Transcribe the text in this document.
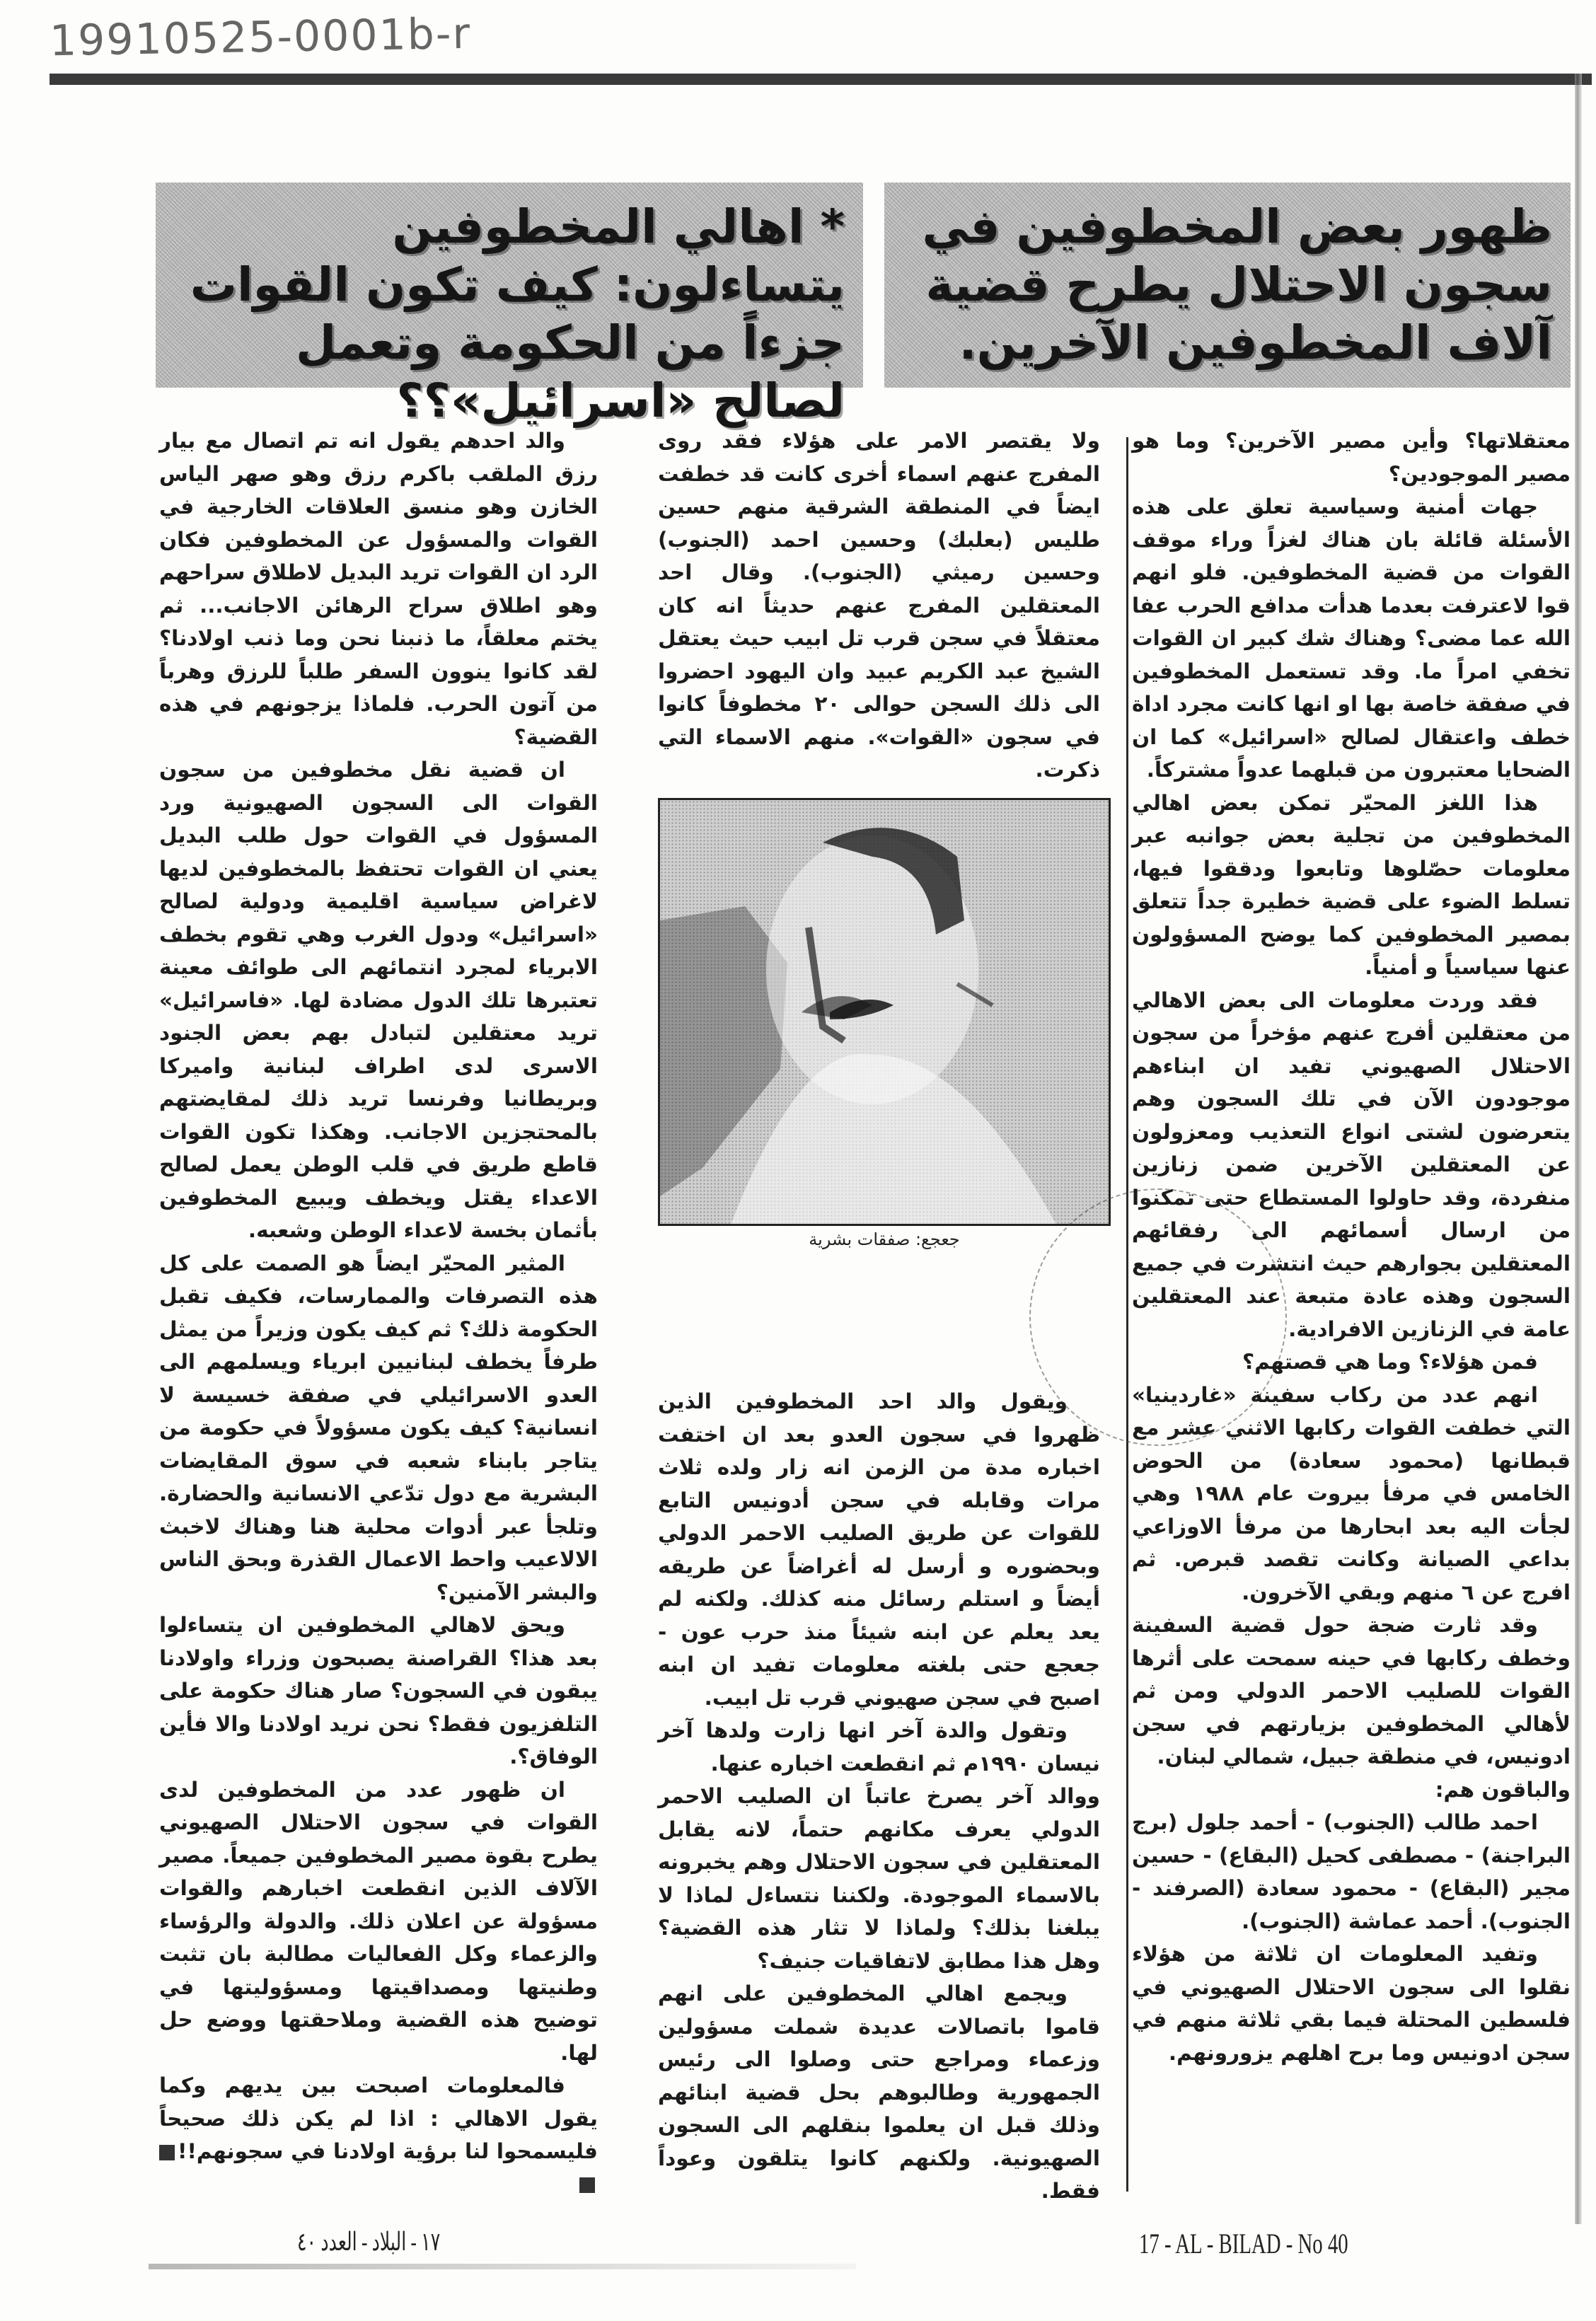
19910525-0001b-r
ظهور بعض المخطوفين في سجون الاحتلال يطرح قضية آلاف المخطوفين الآخرين.
* اهالي المخطوفين يتساءلون: كيف تكون القوات جزءاً من الحكومة وتعمل لصالح «اسرائيل»؟؟

معتقلاتها؟ وأين مصير الآخرين؟ وما هو مصير الموجودين؟

جهات أمنية وسياسية تعلق على هذه الأسئلة قائلة بان هناك لغزاً وراء موقف القوات من قضية المخطوفين. فلو انهم قوا لاعترفت بعدما هدأت مدافع الحرب عفا الله عما مضى؟ وهناك شك كبير ان القوات تخفي امراً ما. وقد تستعمل المخطوفين في صفقة خاصة بها او انها كانت مجرد اداة خطف واعتقال لصالح «اسرائيل» كما ان الضحايا معتبرون من قبلهما عدواً مشتركاً.

هذا اللغز المحيّر تمكن بعض اهالي المخطوفين من تجلية بعض جوانبه عبر معلومات حصّلوها وتابعوا ودققوا فيها، تسلط الضوء على قضية خطيرة جداً تتعلق بمصير المخطوفين كما يوضح المسؤولون عنها سياسياً و أمنياً.

فقد وردت معلومات الى بعض الاهالي من معتقلين أفرج عنهم مؤخراً من سجون الاحتلال الصهيوني تفيد ان ابناءهم موجودون الآن في تلك السجون وهم يتعرضون لشتى انواع التعذيب ومعزولون عن المعتقلين الآخرين ضمن زنازين منفردة، وقد حاولوا المستطاع حتى تمكنوا من ارسال أسمائهم الى رفقائهم المعتقلين بجوارهم حيث انتشرت في جميع السجون وهذه عادة متبعة عند المعتقلين عامة في الزنازين الافرادية.

فمن هؤلاء؟ وما هي قصتهم؟

انهم عدد من ركاب سفينة «غاردينيا» التي خطفت القوات ركابها الاثني عشر مع قبطانها (محمود سعادة) من الحوض الخامس في مرفأ بيروت عام ١٩٨٨ وهي لجأت اليه بعد ابحارها من مرفأ الاوزاعي بداعي الصيانة وكانت تقصد قبرص. ثم افرج عن ٦ منهم وبقي الآخرون.

وقد ثارت ضجة حول قضية السفينة وخطف ركابها في حينه سمحت على أثرها القوات للصليب الاحمر الدولي ومن ثم لأهالي المخطوفين بزيارتهم في سجن ادونيس، في منطقة جبيل، شمالي لبنان.

والباقون هم:

احمد طالب (الجنوب) - أحمد جلول (برج البراجنة) - مصطفى كحيل (البقاع) - حسين مجير (البقاع) - محمود سعادة (الصرفند - الجنوب). أحمد عماشة (الجنوب).

وتفيد المعلومات ان ثلاثة من هؤلاء نقلوا الى سجون الاحتلال الصهيوني في فلسطين المحتلة فيما بقي ثلاثة منهم في سجن ادونيس وما برح اهلهم يزورونهم.

ولا يقتصر الامر على هؤلاء فقد روى المفرج عنهم اسماء أخرى كانت قد خطفت ايضاً في المنطقة الشرقية منهم حسين طليس (بعلبك) وحسين احمد (الجنوب) وحسين رميثي (الجنوب). وقال احد المعتقلين المفرج عنهم حديثاً انه كان معتقلاً في سجن قرب تل ابيب حيث يعتقل الشيخ عبد الكريم عبيد وان اليهود احضروا الى ذلك السجن حوالى ٢٠ مخطوفاً كانوا في سجون «القوات». منهم الاسماء التي ذكرت.

جعجع: صفقات بشرية

ويقول والد احد المخطوفين الذين ظهروا في سجون العدو بعد ان اختفت اخباره مدة من الزمن انه زار ولده ثلاث مرات وقابله في سجن أدونيس التابع للقوات عن طريق الصليب الاحمر الدولي وبحضوره و أرسل له أغراضاً عن طريقه أيضاً و استلم رسائل منه كذلك. ولكنه لم يعد يعلم عن ابنه شيئاً منذ حرب عون - جعجع حتى بلغته معلومات تفيد ان ابنه اصبح في سجن صهيوني قرب تل ابيب.

وتقول والدة آخر انها زارت ولدها آخر نيسان ١٩٩٠م ثم انقطعت اخباره عنها.

ووالد آخر يصرخ عاتباً ان الصليب الاحمر الدولي يعرف مكانهم حتماً، لانه يقابل المعتقلين في سجون الاحتلال وهم يخبرونه بالاسماء الموجودة. ولكننا نتساءل لماذا لا يبلغنا بذلك؟ ولماذا لا تثار هذه القضية؟ وهل هذا مطابق لاتفاقيات جنيف؟

ويجمع اهالي المخطوفين على انهم قاموا باتصالات عديدة شملت مسؤولين وزعماء ومراجع حتى وصلوا الى رئيس الجمهورية وطالبوهم بحل قضية ابنائهم وذلك قبل ان يعلموا بنقلهم الى السجون الصهيونية. ولكنهم كانوا يتلقون وعوداً فقط.

والد احدهم يقول انه تم اتصال مع بيار رزق الملقب باكرم رزق وهو صهر الياس الخازن وهو منسق العلاقات الخارجية في القوات والمسؤول عن المخطوفين فكان الرد ان القوات تريد البديل لاطلاق سراحهم وهو اطلاق سراح الرهائن الاجانب... ثم يختم معلقاً، ما ذنبنا نحن وما ذنب اولادنا؟ لقد كانوا ينوون السفر طلباً للرزق وهرباً من آتون الحرب. فلماذا يزجونهم في هذه القضية؟

ان قضية نقل مخطوفين من سجون القوات الى السجون الصهيونية ورد المسؤول في القوات حول طلب البديل يعني ان القوات تحتفظ بالمخطوفين لديها لاغراض سياسية اقليمية ودولية لصالح «اسرائيل» ودول الغرب وهي تقوم بخطف الابرياء لمجرد انتمائهم الى طوائف معينة تعتبرها تلك الدول مضادة لها. «فاسرائيل» تريد معتقلين لتبادل بهم بعض الجنود الاسرى لدى اطراف لبنانية واميركا وبريطانيا وفرنسا تريد ذلك لمقايضتهم بالمحتجزين الاجانب. وهكذا تكون القوات قاطع طريق في قلب الوطن يعمل لصالح الاعداء يقتل ويخطف ويبيع المخطوفين بأثمان بخسة لاعداء الوطن وشعبه.

المثير المحيّر ايضاً هو الصمت على كل هذه التصرفات والممارسات، فكيف تقبل الحكومة ذلك؟ ثم كيف يكون وزيراً من يمثل طرفاً يخطف لبنانيين ابرياء ويسلمهم الى العدو الاسرائيلي في صفقة خسيسة لا انسانية؟ كيف يكون مسؤولاً في حكومة من يتاجر بابناء شعبه في سوق المقايضات البشرية مع دول تدّعي الانسانية والحضارة. وتلجأ عبر أدوات محلية هنا وهناك لاخبث الالاعيب واحط الاعمال القذرة وبحق الناس والبشر الآمنين؟

ويحق لاهالي المخطوفين ان يتساءلوا بعد هذا؟ القراصنة يصبحون وزراء واولادنا يبقون في السجون؟ صار هناك حكومة على التلفزيون فقط؟ نحن نريد اولادنا والا فأين الوفاق؟.

ان ظهور عدد من المخطوفين لدى القوات في سجون الاحتلال الصهيوني يطرح بقوة مصير المخطوفين جميعاً. مصير الآلاف الذين انقطعت اخبارهم والقوات مسؤولة عن اعلان ذلك. والدولة والرؤساء والزعماء وكل الفعاليات مطالبة بان تثبت وطنيتها ومصداقيتها ومسؤوليتها في توضيح هذه القضية وملاحقتها ووضع حل لها.

فالمعلومات اصبحت بين يديهم وكما يقول الاهالي : اذا لم يكن ذلك صحيحاً فليسمحوا لنا برؤية اولادنا في سجونهم!!

١٧ - البلاد - العدد ٤٠	17 - AL - BILAD - No 40
